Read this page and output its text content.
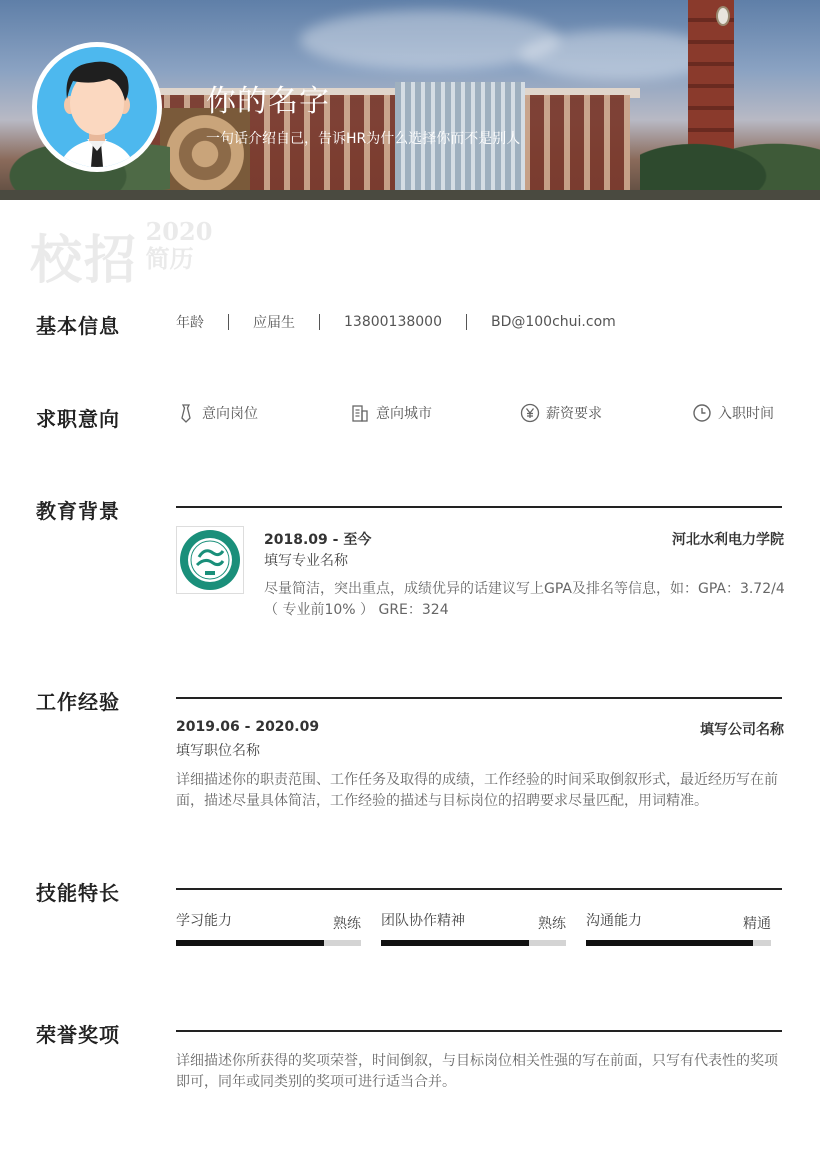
你的名字
一句话介绍自己，告诉HR为什么选择你而不是别人
校招 2020
简历
基本信息	年龄	应届生	13800138000	BD@100chui.com
求职意向	意向岗位	意向城市	薪资要求	入职时间
教育背景
2018.09 - 至今	河北水利电力学院
填写专业名称
尽量简洁，突出重点，成绩优异的话建议写上GPA及排名等信息，如：GPA：3.72/4（ 专业前10% ） GRE：324
工作经验
2019.06 - 2020.09	填写公司名称
填写职位名称
详细描述你的职责范围、工作任务及取得的成绩，工作经验的时间采取倒叙形式，最近经历写在前面，描述尽量具体简洁，工作经验的描述与目标岗位的招聘要求尽量匹配，用词精准。
技能特长
学习能力	熟练 团队协作精神	熟练 沟通能力	精通
荣誉奖项
详细描述你所获得的奖项荣誉，时间倒叙，与目标岗位相关性强的写在前面，只写有代表性的奖项即可，同年或同类别的奖项可进行适当合并。
